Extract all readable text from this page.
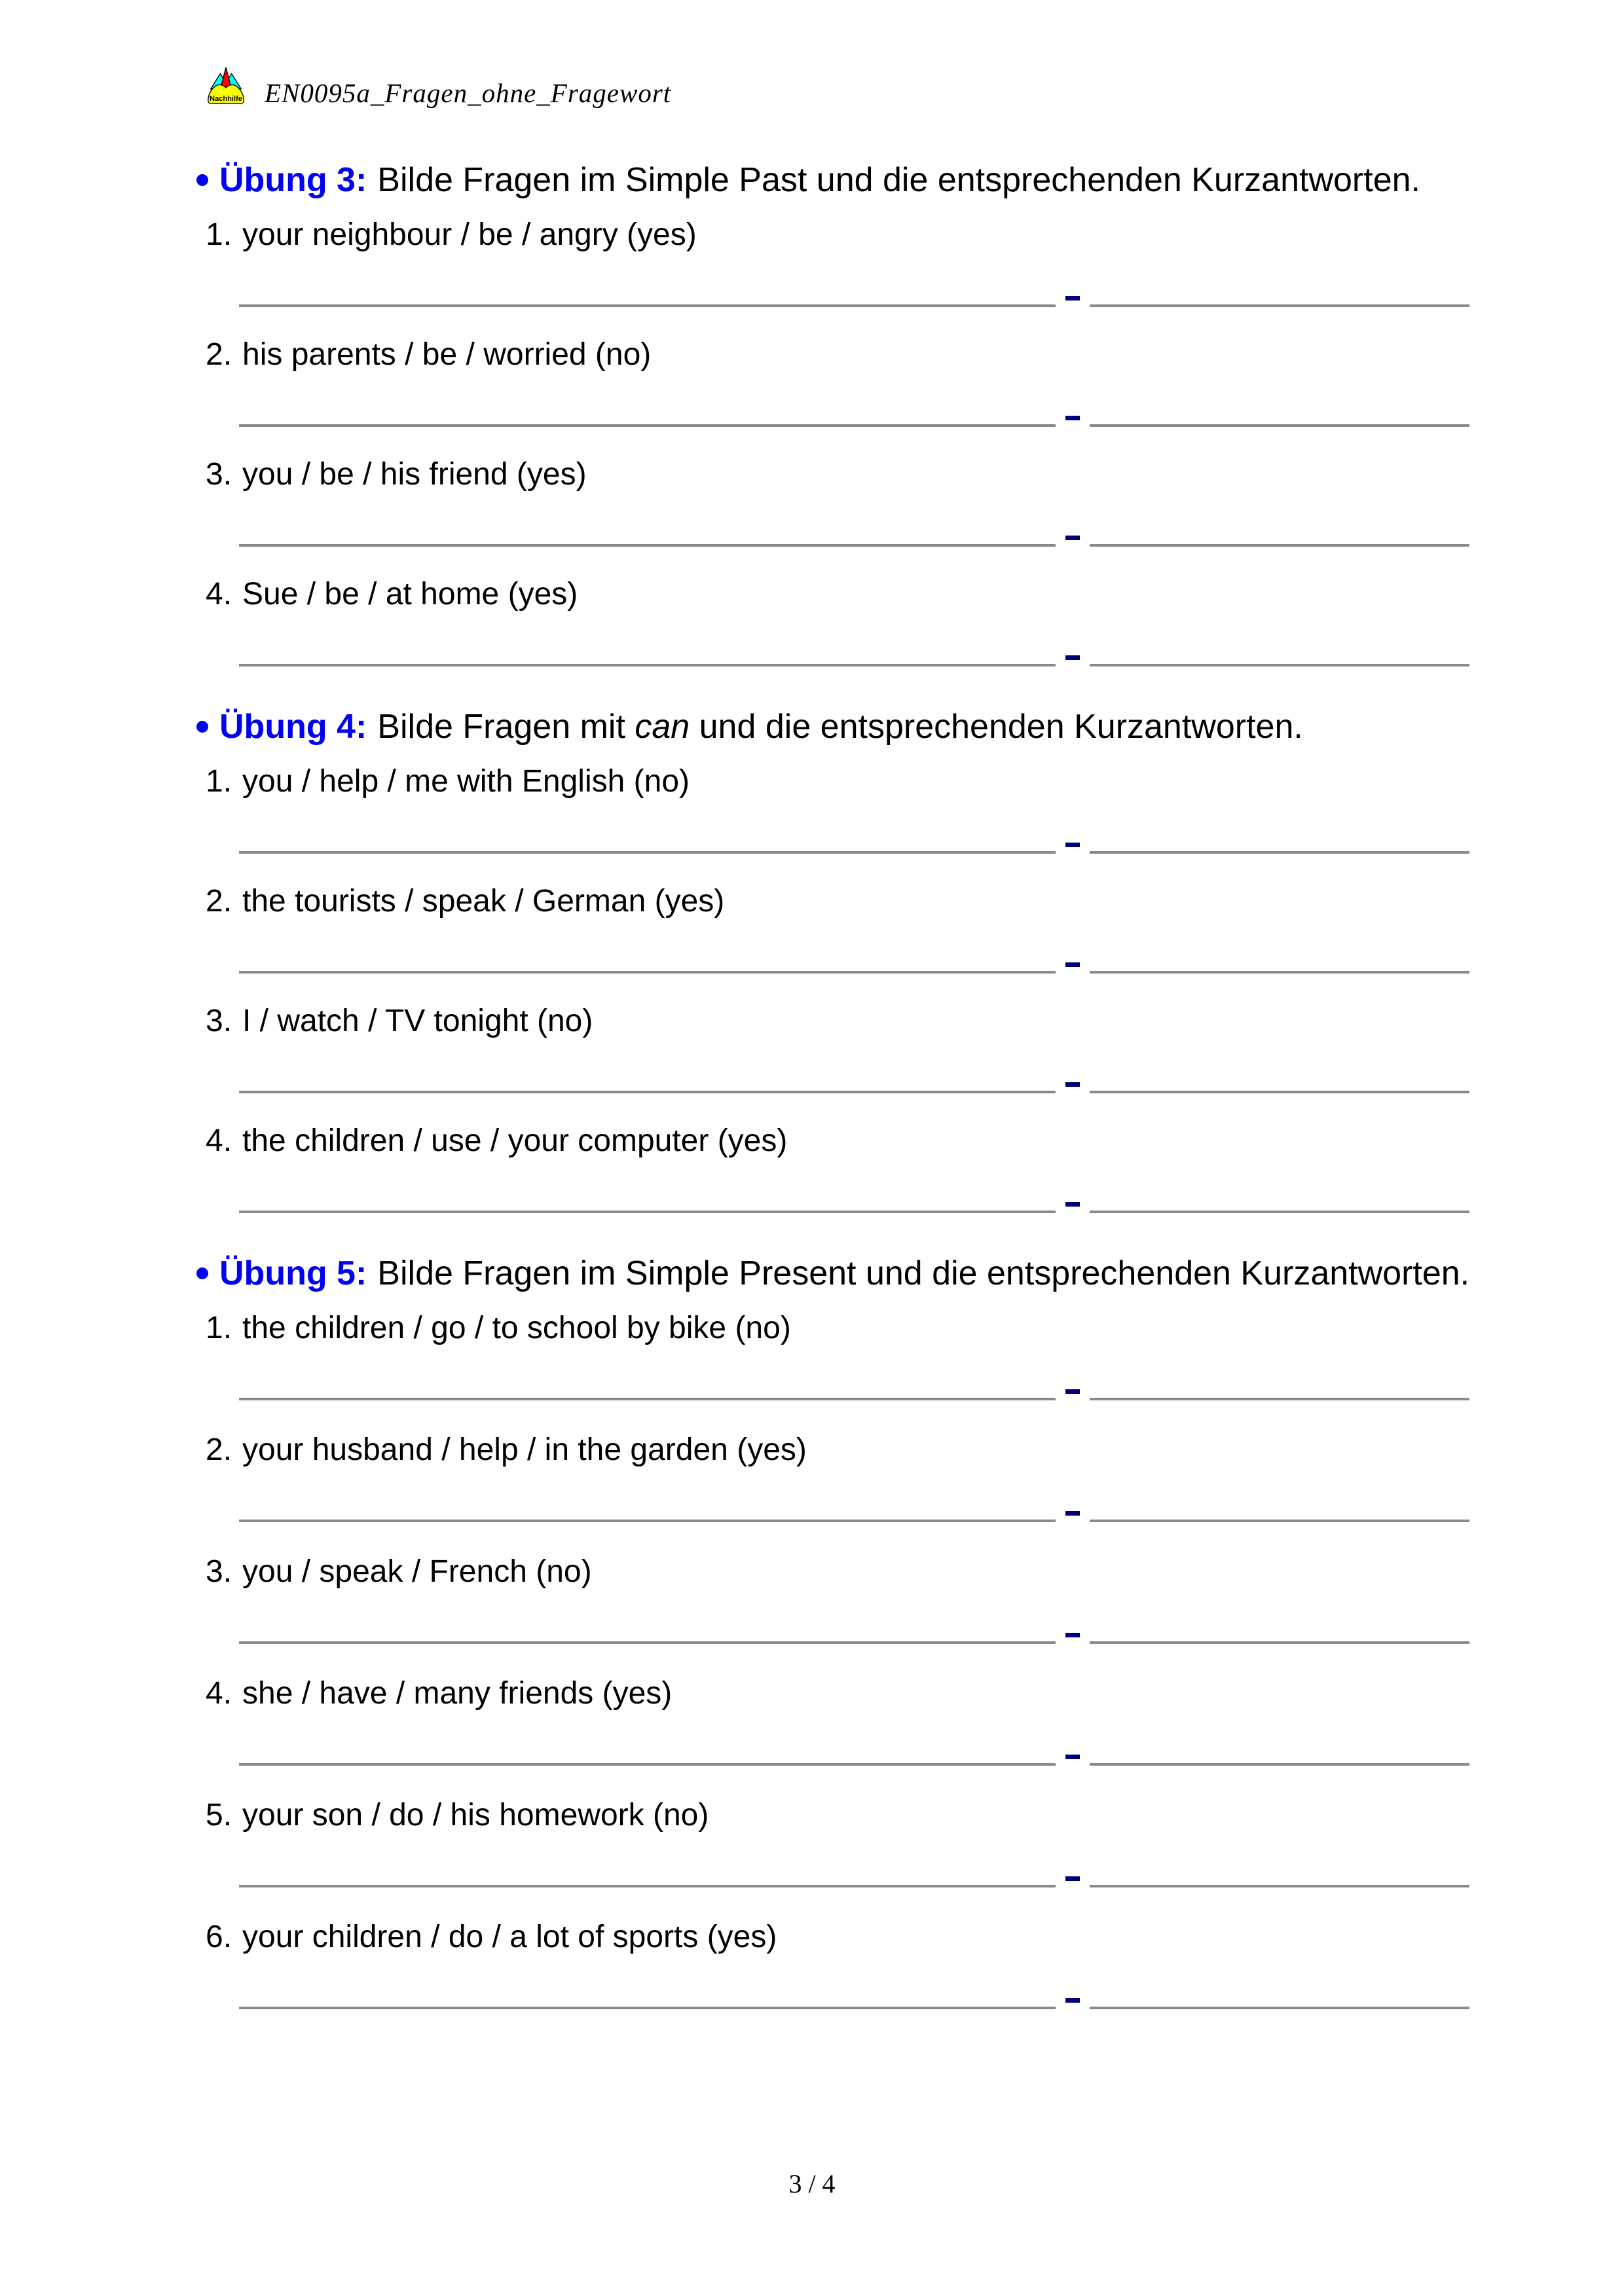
Nachhilfe EN0095a_Fragen_ohne_Fragewort
Übung 3: Bilde Fragen im Simple Past und die entsprechenden Kurzantworten.
1. your neighbour / be / angry (yes)
2. his parents / be / worried (no)
3. you / be / his friend (yes)
4. Sue / be / at home (yes)
Übung 4: Bilde Fragen mit can und die entsprechenden Kurzantworten.
1. you / help / me with English (no)
2. the tourists / speak / German (yes)
3. I / watch / TV tonight (no)
4. the children / use / your computer (yes)
Übung 5: Bilde Fragen im Simple Present und die entsprechenden Kurzantworten.
1. the children / go / to school by bike (no)
2. your husband / help / in the garden (yes)
3. you / speak / French (no)
4. she / have / many friends (yes)
5. your son / do / his homework (no)
6. your children / do / a lot of sports (yes)
3 / 4
